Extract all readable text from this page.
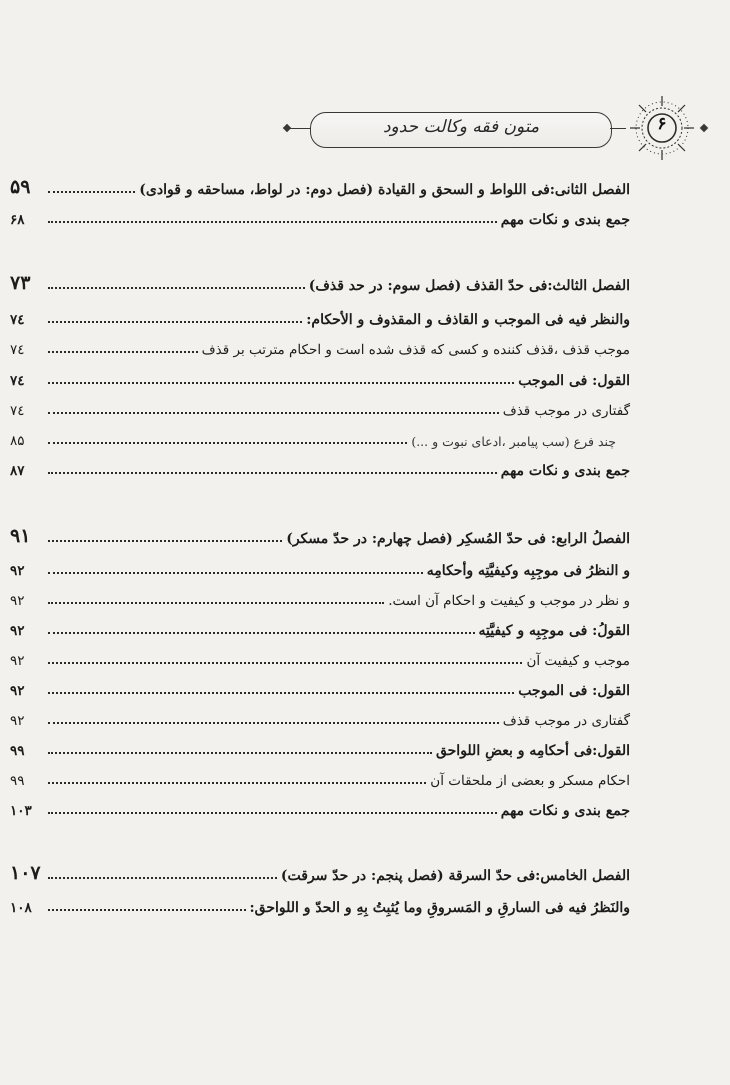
متون فقه وکالت حدود	۶
الفصل الثانی:فی اللواط و السحق و القیادة (فصل دوم: در لواط، مساحقه و قوادی)
۵۹
جمع بندی و نکات مهم
۶۸
الفصل الثالث:فی حدّ القذف (فصل سوم: در حد قذف)
۷۳
والنظر فیه فی الموجب و القاذف و المقذوف و الأحکام:
۷٤
موجب قذف ،قذف کننده و کسی که قذف شده است و احکام مترتب بر قذف
۷٤
القول: فی الموجب
۷٤
گفتاری در موجب قذف
۷٤
چند فرع (سب پیامبر ،ادعای نبوت و ...)
۸۵
جمع بندی و نکات مهم
۸۷
الفصلُ الرابع: فی حدّ المُسکِر (فصل چهارم: در حدّ مسکر)
۹۱
و النظرُ فی موجِبِه وکیفیَّتِه وأحکامِه
۹۲
و نظر در موجب و کیفیت و احکام آن است.
۹۲
القولُ: فی موجِبِه و کیفیَّتِه
۹۲
موجب و کیفیت آن
۹۲
القول: فی الموجب
۹۲
گفتاری در موجب قذف
۹۲
القول:فی أحکامِه و بعضِ اللواحق
۹۹
احکام مسکر و بعضی از ملحقات آن
۹۹
جمع بندی و نکات مهم
۱۰۳
الفصل الخامس:فی حدّ السرقة (فصل پنجم: در حدّ سرقت)
۱۰۷
والنَظرُ فیه فی السارقِ و المَسروقِ وما یُثبِتُ بِهِ و الحدّ و اللواحق:
۱۰۸
